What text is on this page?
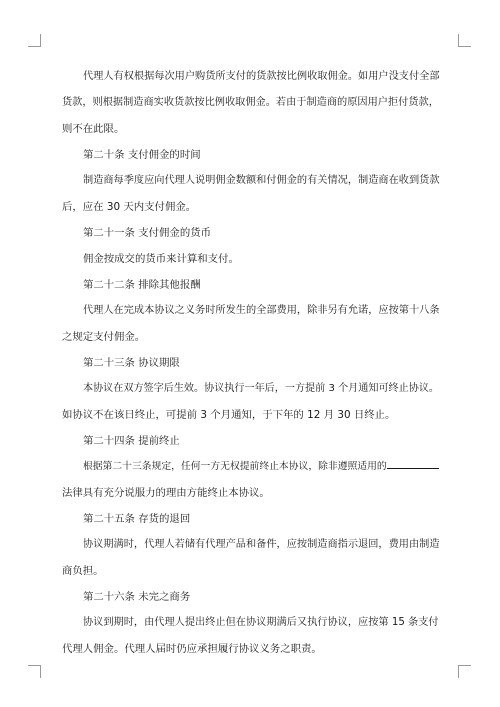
代理人有权根据每次用户购货所支付的货款按比例收取佣金。如用户没支付全部

货款，则根据制造商实收货款按比例收取佣金。若由于制造商的原因用户拒付货款，

则不在此限。

第二十条 支付佣金的时间

制造商每季度应向代理人说明佣金数额和付佣金的有关情况，制造商在收到货款

后，应在 30 天内支付佣金。

第二十一条 支付佣金的货币

佣金按成交的货币来计算和支付。

第二十二条 排除其他报酬

代理人在完成本协议之义务时所发生的全部费用，除非另有允诺，应按第十八条

之规定支付佣金。

第二十三条 协议期限

本协议在双方签字后生效。协议执行一年后，一方提前 3 个月通知可终止协议。

如协议不在该日终止，可提前 3 个月通知，于下年的 12 月 30 日终止。

第二十四条 提前终止

根据第二十三条规定，任何一方无权提前终止本协议，除非遵照适用的

法律具有充分说服力的理由方能终止本协议。

第二十五条 存货的退回

协议期满时，代理人若储有代理产品和备件，应按制造商指示退回，费用由制造

商负担。

第二十六条 未完之商务

协议到期时，由代理人提出终止但在协议期满后又执行协议，应按第 15 条支付

代理人佣金。代理人届时仍应承担履行协议义务之职责。
